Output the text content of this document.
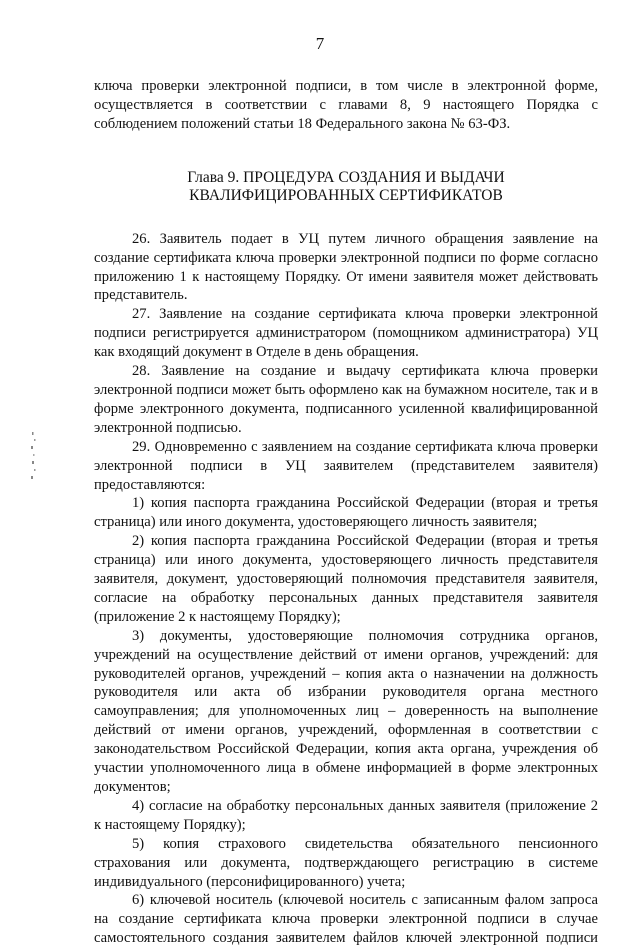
7

ключа проверки электронной подписи, в том числе в электронной форме, осуществляется в соответствии с главами 8, 9 настоящего Порядка с соблюдением положений статьи 18 Федерального закона № 63-ФЗ.

Глава 9. ПРОЦЕДУРА СОЗДАНИЯ И ВЫДАЧИ
КВАЛИФИЦИРОВАННЫХ СЕРТИФИКАТОВ

26. Заявитель подает в УЦ путем личного обращения заявление на создание сертификата ключа проверки электронной подписи по форме согласно приложению 1 к настоящему Порядку. От имени заявителя может действовать представитель.

27. Заявление на создание сертификата ключа проверки электронной подписи регистрируется администратором (помощником администратора) УЦ как входящий документ в Отделе в день обращения.

28. Заявление на создание и выдачу сертификата ключа проверки электронной подписи может быть оформлено как на бумажном носителе, так и в форме электронного документа, подписанного усиленной квалифицированной электронной подписью.

29. Одновременно с заявлением на создание сертификата ключа проверки электронной подписи в УЦ заявителем (представителем заявителя) предоставляются:

1) копия паспорта гражданина Российской Федерации (вторая и третья страница) или иного документа, удостоверяющего личность заявителя;

2) копия паспорта гражданина Российской Федерации (вторая и третья страница) или иного документа, удостоверяющего личность представителя заявителя, документ, удостоверяющий полномочия представителя заявителя, согласие на обработку персональных данных представителя заявителя (приложение 2 к настоящему Порядку);

3) документы, удостоверяющие полномочия сотрудника органов, учреждений на осуществление действий от имени органов, учреждений: для руководителей органов, учреждений – копия акта о назначении на должность руководителя или акта об избрании руководителя органа местного самоуправления; для уполномоченных лиц – доверенность на выполнение действий от имени органов, учреждений, оформленная в соответствии с законодательством Российской Федерации, копия акта органа, учреждения об участии уполномоченного лица в обмене информацией в форме электронных документов;

4) согласие на обработку персональных данных заявителя (приложение 2 к настоящему Порядку);

5) копия страхового свидетельства обязательного пенсионного страхования или документа, подтверждающего регистрацию в системе индивидуального (персонифицированного) учета;

6) ключевой носитель (ключевой носитель с записанным фалом запроса на создание сертификата ключа проверки электронной подписи в случае самостоятельного создания заявителем файлов ключей электронной подписи
